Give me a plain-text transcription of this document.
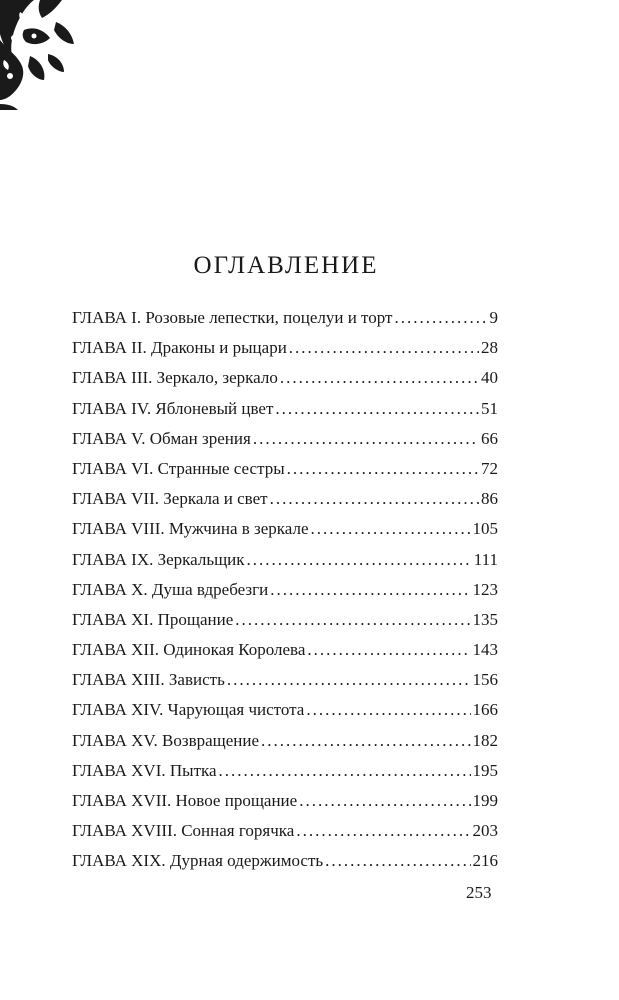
ОГЛАВЛЕНИЕ
ГЛАВА I. Розовые лепестки, поцелуи и торт .....	9
ГЛАВА II. Драконы и рыцари .....	28
ГЛАВА III. Зеркало, зеркало .....	40
ГЛАВА IV. Яблоневый цвет .....	51
ГЛАВА V. Обман зрения .....	66
ГЛАВА VI. Странные сестры .....	72
ГЛАВА VII. Зеркала и свет .....	86
ГЛАВА VIII. Мужчина в зеркале .....	105
ГЛАВА IX. Зеркальщик .....	111
ГЛАВА X. Душа вдребезги .....	123
ГЛАВА XI. Прощание .....	135
ГЛАВА XII. Одинокая Королева .....	143
ГЛАВА XIII. Зависть .....	156
ГЛАВА XIV. Чарующая чистота .....	166
ГЛАВА XV. Возвращение .....	182
ГЛАВА XVI. Пытка .....	195
ГЛАВА XVII. Новое прощание .....	199
ГЛАВА XVIII. Сонная горячка .....	203
ГЛАВА XIX. Дурная одержимость .....	216
253
